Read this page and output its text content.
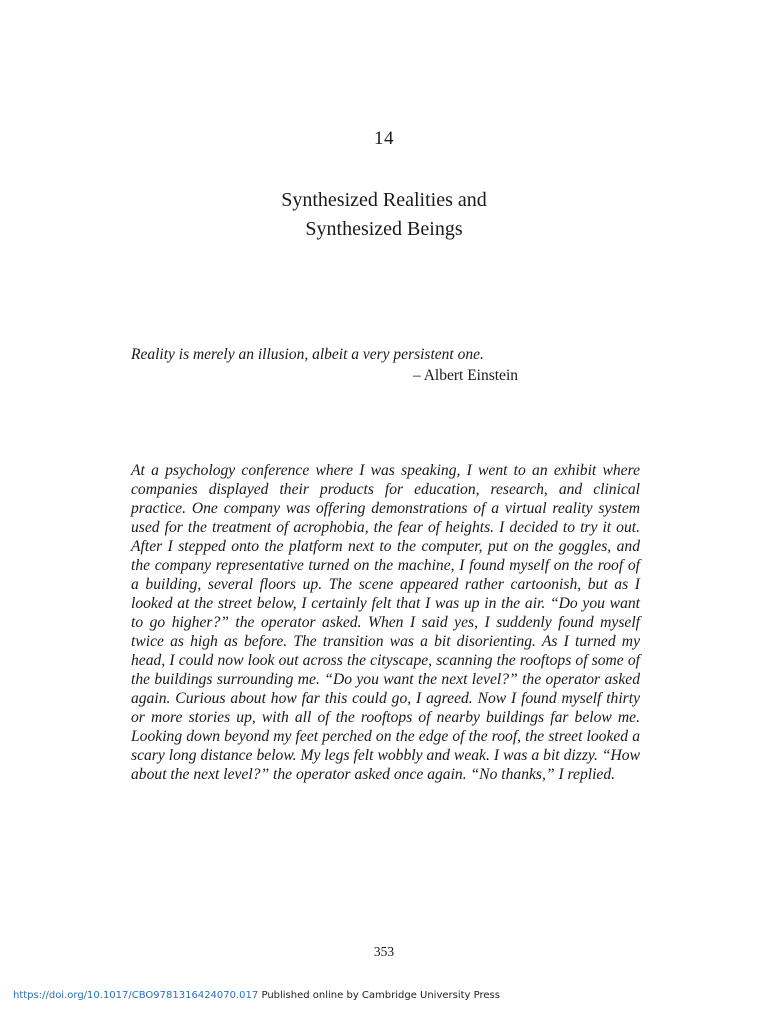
14
Synthesized Realities and
Synthesized Beings
Reality is merely an illusion, albeit a very persistent one.
– Albert Einstein

At a psychology conference where I was speaking, I went to an exhibit where companies displayed their products for education, research, and clinical practice. One company was offering demonstrations of a virtual reality system used for the treatment of acrophobia, the fear of heights. I decided to try it out. After I stepped onto the platform next to the computer, put on the goggles, and the company representative turned on the machine, I found myself on the roof of a building, several floors up. The scene appeared rather cartoonish, but as I looked at the street below, I certainly felt that I was up in the air. “Do you want to go higher?” the operator asked. When I said yes, I suddenly found myself twice as high as before. The transition was a bit disorienting. As I turned my head, I could now look out across the cityscape, scanning the rooftops of some of the buildings surrounding me. “Do you want the next level?” the operator asked again. Curious about how far this could go, I agreed. Now I found myself thirty or more stories up, with all of the rooftops of nearby buildings far below me. Looking down beyond my feet perched on the edge of the roof, the street looked a scary long distance below. My legs felt wobbly and weak. I was a bit dizzy. “How about the next level?” the operator asked once again. “No thanks,” I replied.

353
https://doi.org/10.1017/CBO9781316424070.017 Published online by Cambridge University Press
